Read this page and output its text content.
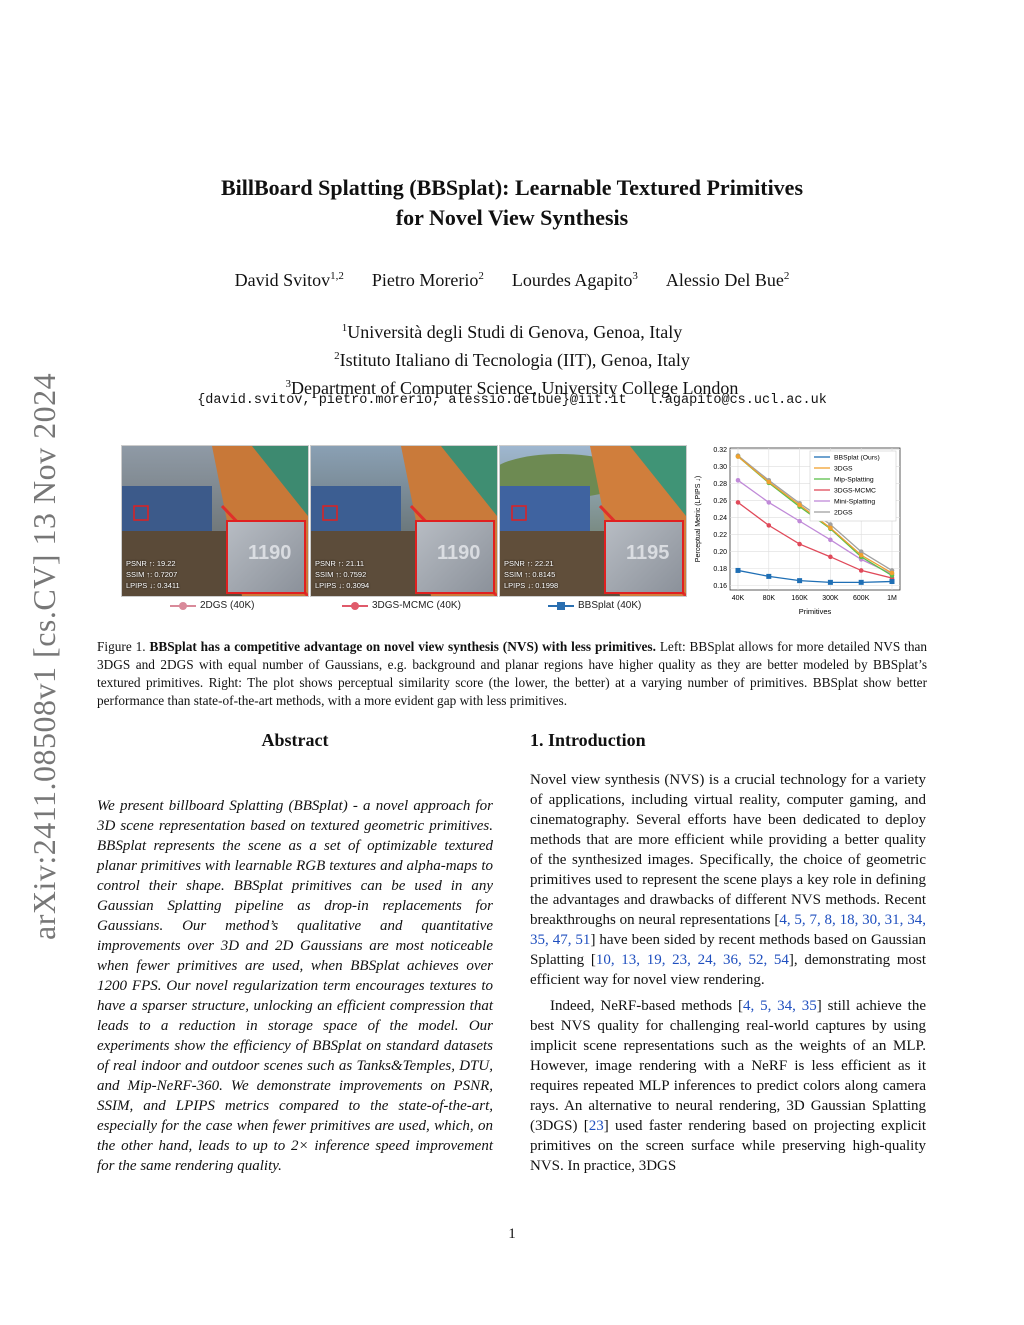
arXiv:2411.08508v1 [cs.CV] 13 Nov 2024
BillBoard Splatting (BBSplat): Learnable Textured Primitives
for Novel View Synthesis
David Svitov$^{1,2}$ Pietro Morerio$^2$ Lourdes Agapito$^3$ Alessio Del Bue$^2$
$^1$Università degli Studi di Genova, Genoa, Italy
$^2$Istituto Italiano di Tecnologia (IIT), Genoa, Italy
$^3$Department of Computer Science, University College London
{david.svitov, pietro.morerio, alessio.delbue}@iit.it l.agapito@cs.ucl.ac.uk
PSNR ↑: 19.22
SSIM ↑: 0.7207
LPIPS ↓: 0.3411
1190	PSNR ↑: 21.11
SSIM ↑: 0.7592
LPIPS ↓: 0.3094
1190	PSNR ↑: 22.21
SSIM ↑: 0.8145
LPIPS ↓: 0.1998
1195
2DGS (40K)	3DGS-MCMC (40K)	BBSplat (40K)
0.16
0.18
0.20
0.22
0.24
0.26
0.28
0.30
0.32
40K	80K 160K 300K 600K	1M
BBSplat (Ours)
3DGS
Mip-Splatting
3DGS-MCMC
Mini-Splatting
2DGS
Perceptual Metric (LPIPS ↓)
Primitives
Figure 1. BBSplat has a competitive advantage on novel view synthesis (NVS) with less primitives. Left: BBSplat allows for more detailed NVS than 3DGS and 2DGS with equal number of Gaussians, e.g. background and planar regions have higher quality as they are better modeled by BBSplat’s textured primitives. Right: The plot shows perceptual similarity score (the lower, the better) at a varying number of primitives. BBSplat show better performance than state-of-the-art methods, with a more evident gap with less primitives.
Abstract
We present billboard Splatting (BBSplat) - a novel approach for 3D scene representation based on textured geometric primitives. BBSplat represents the scene as a set of optimizable textured planar primitives with learnable RGB textures and alpha-maps to control their shape. BBSplat primitives can be used in any Gaussian Splatting pipeline as drop-in replacements for Gaussians. Our method’s qualitative and quantitative improvements over 3D and 2D Gaussians are most noticeable when fewer primitives are used, when BBSplat achieves over 1200 FPS. Our novel regularization term encourages textures to have a sparser structure, unlocking an efficient compression that leads to a reduction in storage space of the model. Our experiments show the efficiency of BBSplat on standard datasets of real indoor and outdoor scenes such as Tanks&Temples, DTU, and Mip-NeRF-360. We demonstrate improvements on PSNR, SSIM, and LPIPS metrics compared to the state-of-the-art, especially for the case when fewer primitives are used, which, on the other hand, leads to up to 2× inference speed improvement for the same rendering quality.
1. Introduction

Novel view synthesis (NVS) is a crucial technology for a variety of applications, including virtual reality, computer gaming, and cinematography. Several efforts have been dedicated to deploy methods that are more efficient while providing a better quality of the synthesized images. Specifically, the choice of geometric primitives used to represent the scene plays a key role in defining the advantages and drawbacks of different NVS methods. Recent breakthroughs on neural representations [4, 5, 7, 8, 18, 30, 31, 34, 35, 47, 51] have been sided by recent methods based on Gaussian Splatting [10, 13, 19, 23, 24, 36, 52, 54], demonstrating most efficient way for novel view rendering.

Indeed, NeRF-based methods [4, 5, 34, 35] still achieve the best NVS quality for challenging real-world captures by using implicit scene representations such as the weights of an MLP. However, image rendering with a NeRF is less efficient as it requires repeated MLP inferences to predict colors along camera rays. An alternative to neural rendering, 3D Gaussian Splatting (3DGS) [23] used faster rendering based on projecting explicit primitives on the screen surface while preserving high-quality NVS. In practice, 3DGS

1
